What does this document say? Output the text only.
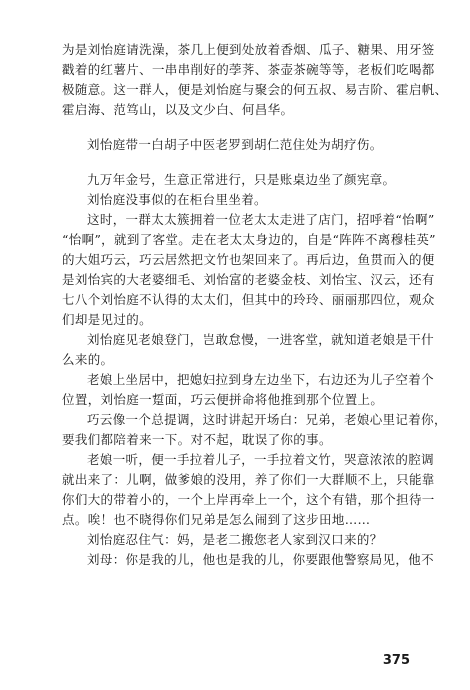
为是刘怡庭请洗澡，茶几上便到处放着香烟、瓜子、糖果、用牙签
戳着的红薯片、一串串削好的荸荠、茶壶茶碗等等，老板们吃喝都
极随意。这一群人，便是刘怡庭与聚会的何五叔、易吉阶、霍启帆、
霍启海、范笃山，以及文少白、何昌华。
刘怡庭带一白胡子中医老罗到胡仁范住处为胡疗伤。
九万年金号，生意正常进行，只是账桌边坐了颜宪章。
刘怡庭没事似的在柜台里坐着。
这时，一群太太簇拥着一位老太太走进了店门，招呼着“怡啊”
“怡啊”，就到了客堂。走在老太太身边的，自是“阵阵不离穆桂英”
的大姐巧云，巧云居然把文竹也架回来了。再后边，鱼贯而入的便
是刘怡宾的大老婆细毛、刘怡富的老婆金枝、刘怡宝、汉云，还有
七八个刘怡庭不认得的太太们，但其中的玲玲、丽丽那四位，观众
们却是见过的。
刘怡庭见老娘登门，岂敢怠慢，一进客堂，就知道老娘是干什
么来的。
老娘上坐居中，把媳妇拉到身左边坐下，右边还为儿子空着个
位置，刘怡庭一踅面，巧云便拼命将他推到那个位置上。
巧云像一个总提调，这时讲起开场白：兄弟，老娘心里记着你，
要我们都陪着来一下。对不起，耽误了你的事。
老娘一听，便一手拉着儿子，一手拉着文竹，哭意浓浓的腔调
就出来了：儿啊，做爹娘的没用，养了你们一大群顺不上，只能靠
你们大的带着小的，一个上岸再牵上一个，这个有错，那个担待一
点。唉！也不晓得你们兄弟是怎么闹到了这步田地……
刘怡庭忍住气：妈，是老二搬您老人家到汉口来的？
刘母：你是我的儿，他也是我的儿，你要跟他警察局见，他不
375
